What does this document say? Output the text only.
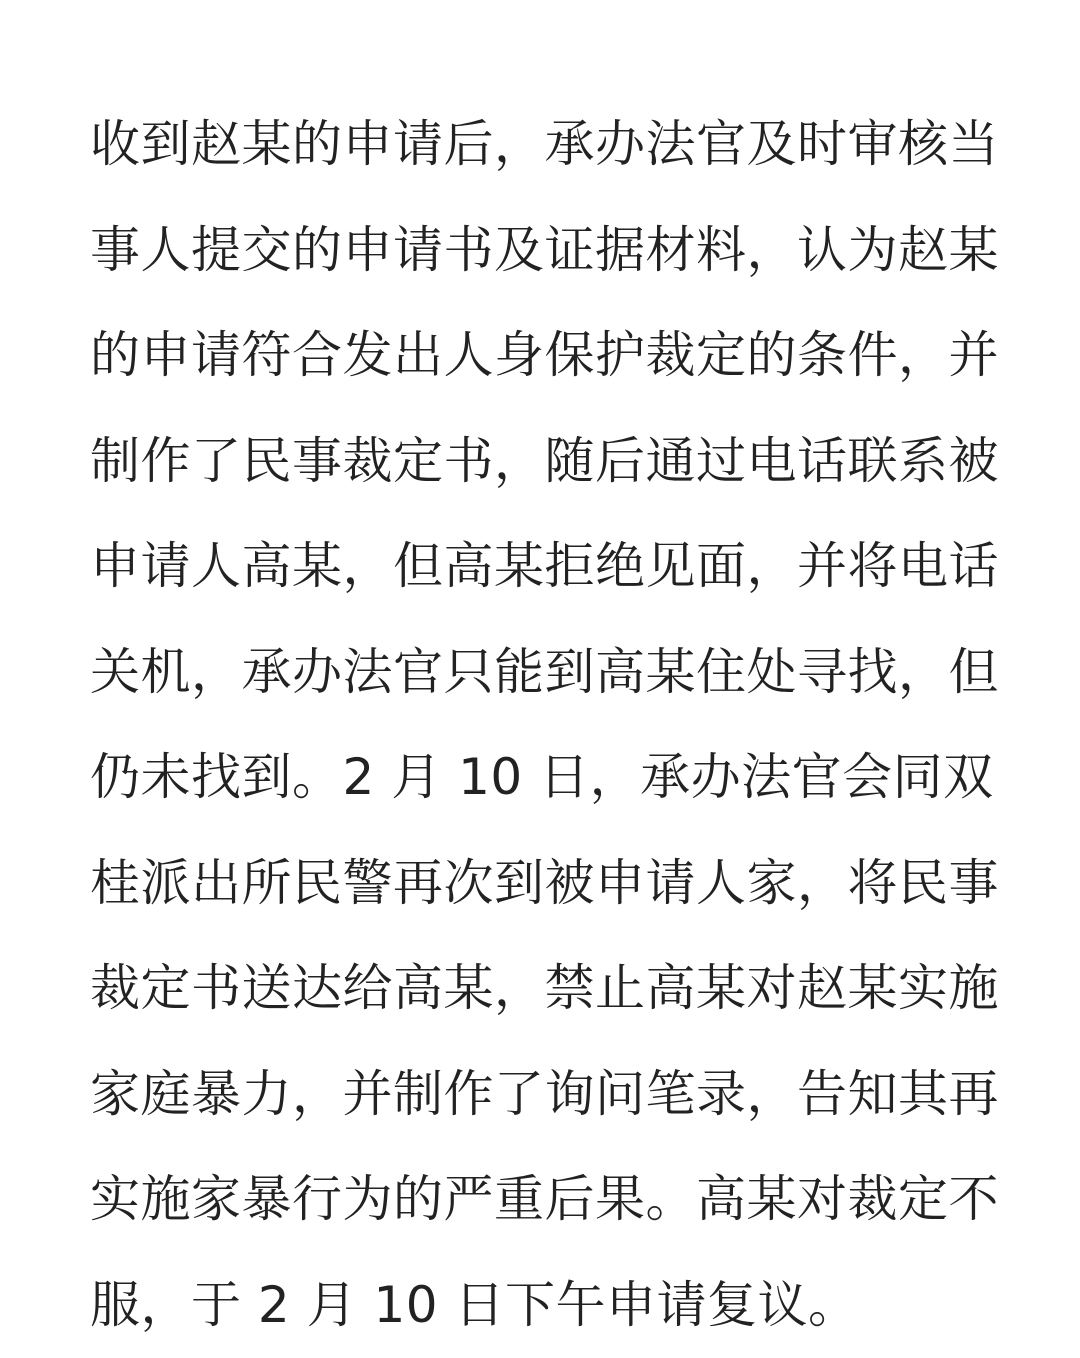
收到赵某的申请后，承办法官及时审核当
事人提交的申请书及证据材料，认为赵某
的申请符合发出人身保护裁定的条件，并
制作了民事裁定书，随后通过电话联系被
申请人高某，但高某拒绝见面，并将电话
关机，承办法官只能到高某住处寻找，但
仍未找到。2 月 10 日，承办法官会同双
桂派出所民警再次到被申请人家，将民事
裁定书送达给高某，禁止高某对赵某实施
家庭暴力，并制作了询问笔录，告知其再
实施家暴行为的严重后果。高某对裁定不
服，于 2 月 10 日下午申请复议。
